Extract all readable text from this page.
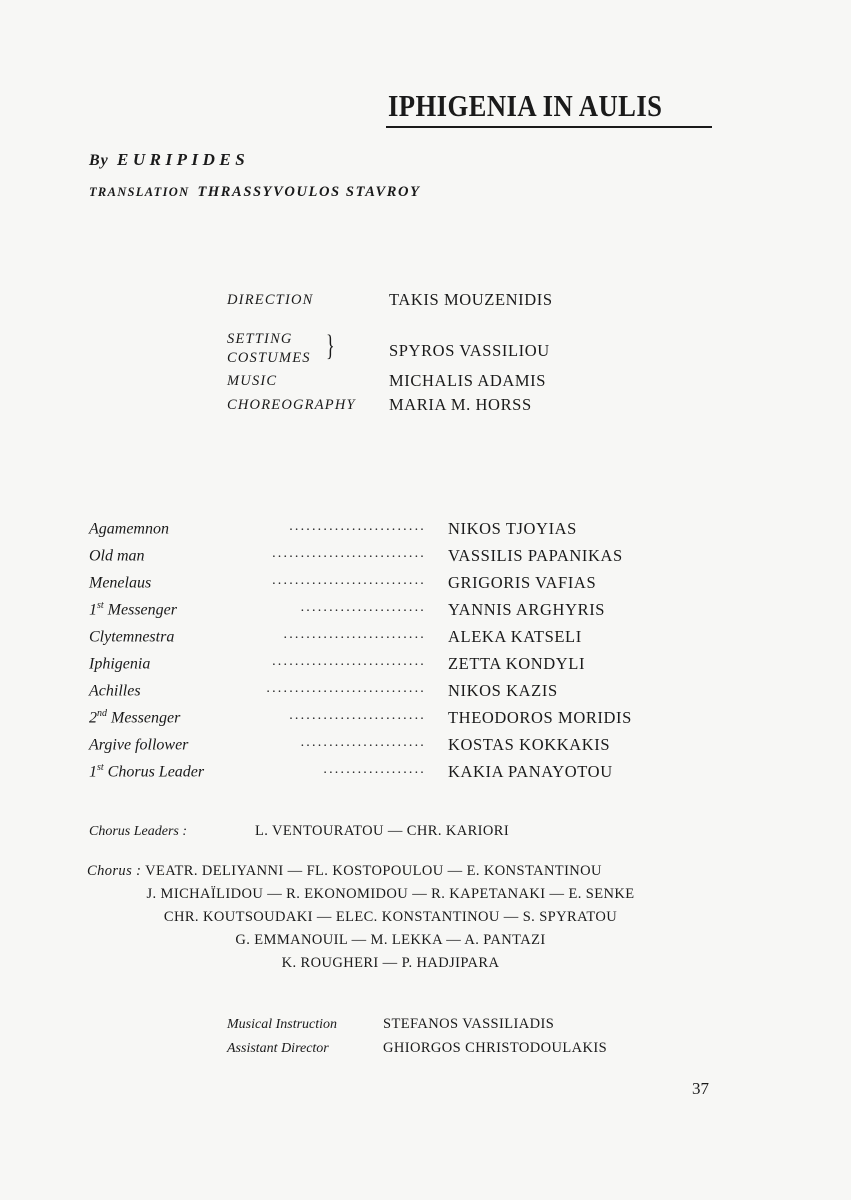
IPHIGENIA IN AULIS
By EURIPIDES
TRANSLATION THRASSYVOULOS STAVROY
DIRECTION	TAKIS MOUZENIDIS
SETTING
COSTUMES }	SPYROS VASSILIOU
MUSIC	MICHALIS ADAMIS
CHOREOGRAPHY MARIA M. HORSS
Agamemnon	........................ NIKOS TJOYIAS
Old man	........................... VASSILIS PAPANIKAS
Menelaus	........................... GRIGORIS VAFIAS
1st Messenger	...................... YANNIS ARGHYRIS
Clytemnestra	......................... ALEKA KATSELI
Iphigenia	........................... ZETTA KONDYLI
Achilles	............................ NIKOS KAZIS
2nd Messenger	........................ THEODOROS MORIDIS
Argive follower	...................... KOSTAS KOKKAKIS
1st Chorus Leader	.................. KAKIA PANAYOTOU
Chorus Leaders :	L. VENTOURATOU — CHR. KARIORI
Chorus : VEATR. DELIYANNI — FL. KOSTOPOULOU — E. KONSTANTINOU
J. MICHAÏLIDOU — R. EKONOMIDOU — R. KAPETANAKI — E. SENKE
CHR. KOUTSOUDAKI — ELEC. KONSTANTINOU — S. SPYRATOU
G. EMMANOUIL — M. LEKKA — A. PANTAZI
K. ROUGHERI — P. HADJIPARA
Musical Instruction	STEFANOS VASSILIADIS
Assistant Director	GHIORGOS CHRISTODOULAKIS
37
